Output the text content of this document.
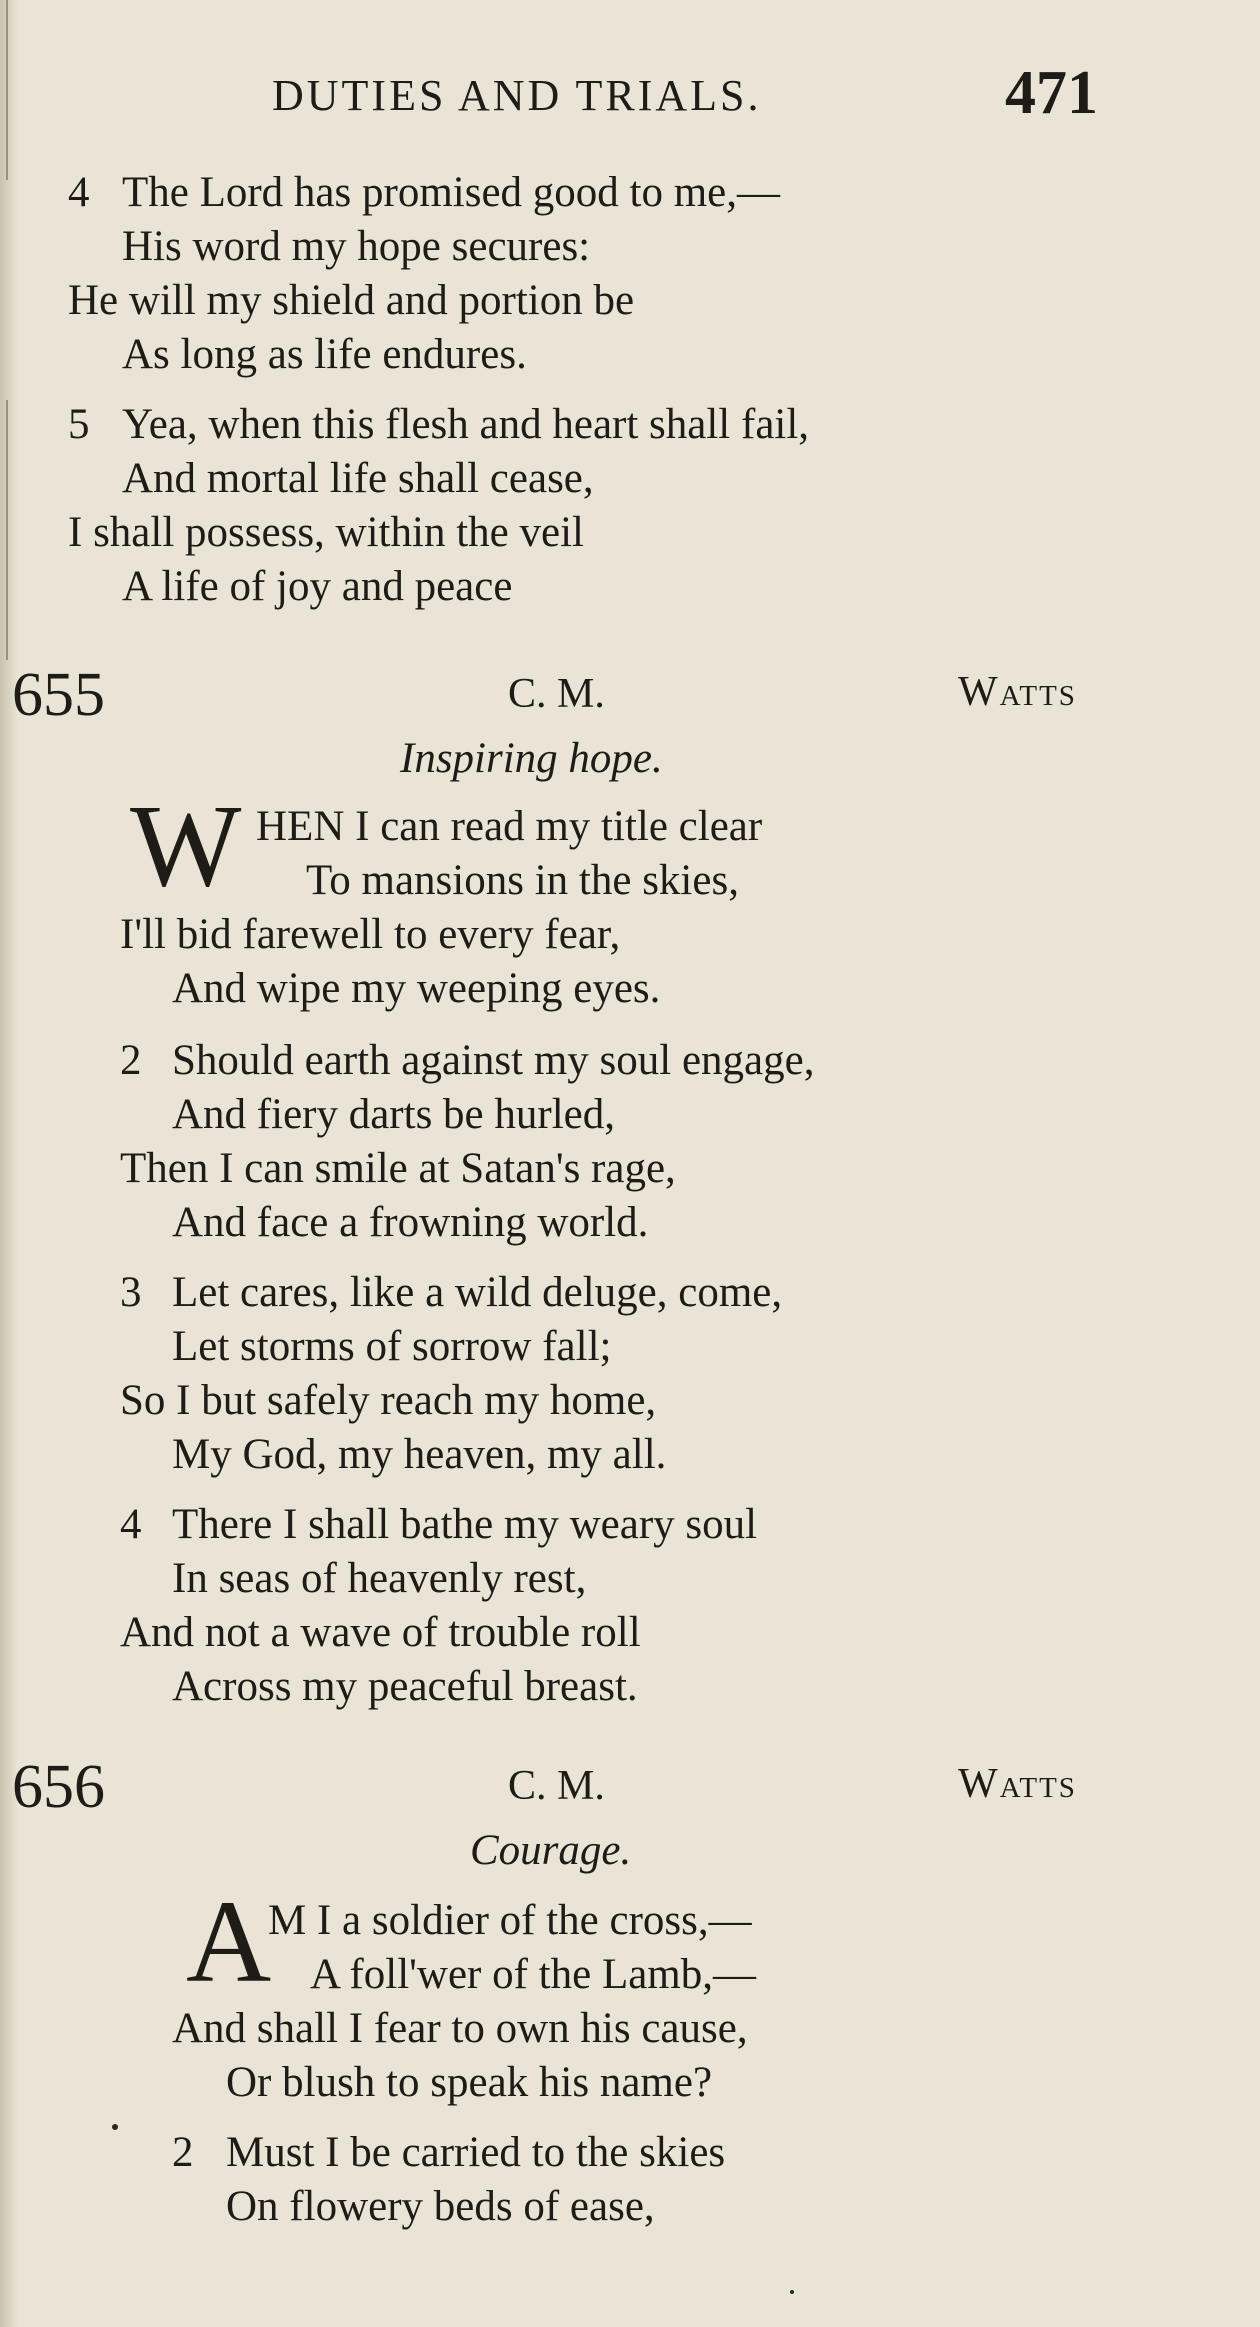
DUTIES AND TRIALS.	471
4 The Lord has promised good to me,—
His word my hope secures:
He will my shield and portion be
As long as life endures.
5 Yea, when this flesh and heart shall fail,
And mortal life shall cease,
I shall possess, within the veil
A life of joy and peace
655	C. M.	Watts
Inspiring hope.
W HEN I can read my title clear
To mansions in the skies,
I'll bid farewell to every fear,
And wipe my weeping eyes.
2 Should earth against my soul engage,
And fiery darts be hurled,
Then I can smile at Satan's rage,
And face a frowning world.
3 Let cares, like a wild deluge, come,
Let storms of sorrow fall;
So I but safely reach my home,
My God, my heaven, my all.
4 There I shall bathe my weary soul
In seas of heavenly rest,
And not a wave of trouble roll
Across my peaceful breast.
656	C. M.	Watts
Courage.
A
M I a soldier of the cross,—
A foll'wer of the Lamb,—
And shall I fear to own his cause,
Or blush to speak his name?
2 Must I be carried to the skies
On flowery beds of ease,
